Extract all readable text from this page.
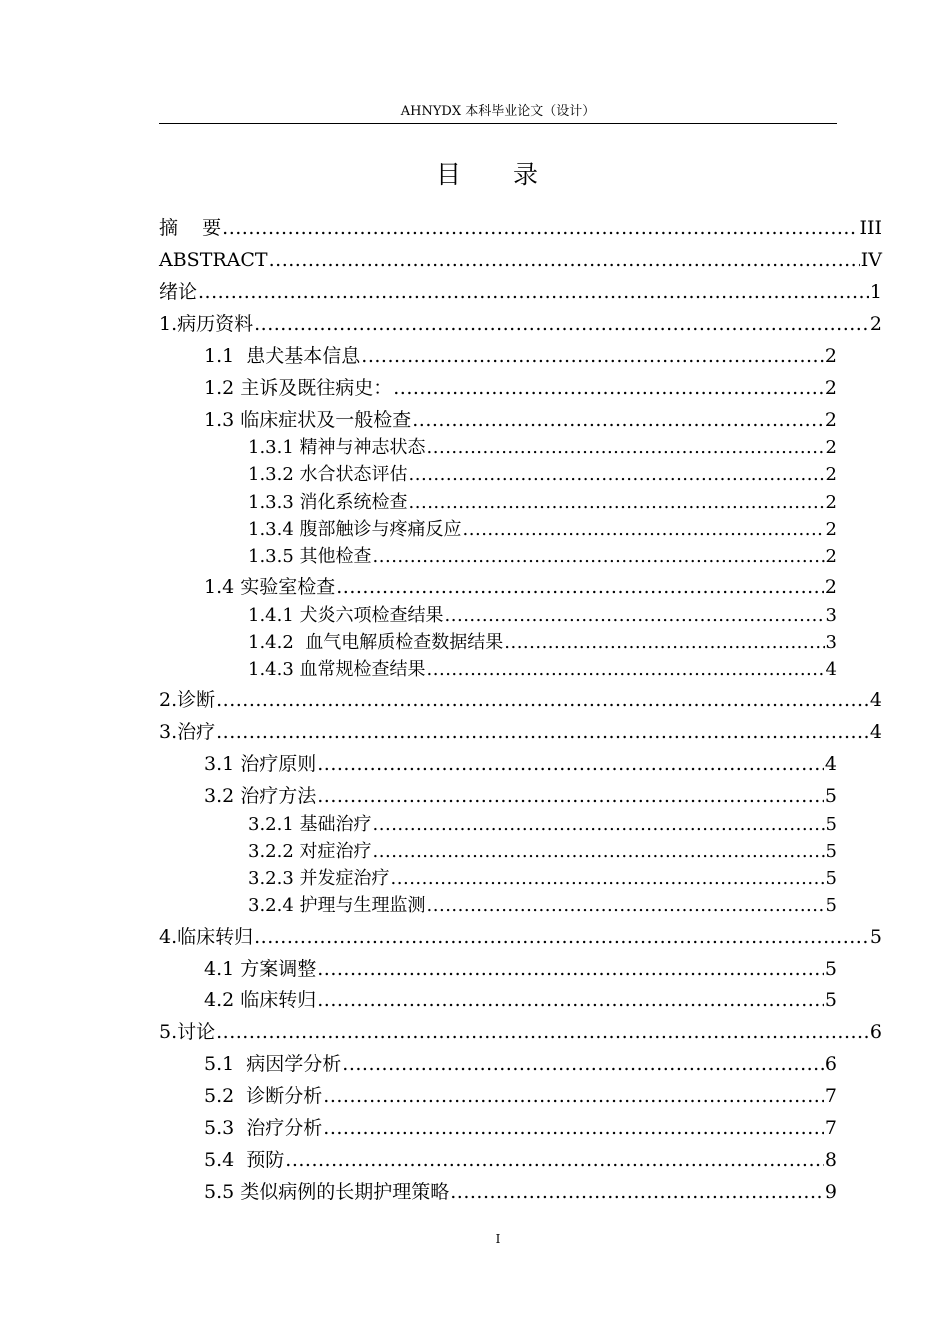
AHNYDX 本科毕业论文（设计）
目 录
摘    要 .....	III
ABSTRACT .....	IV
绪论 .....	1
1.病历资料 .....	2
1.1  患犬基本信息 .....	2
1.2 主诉及既往病史： .....	2
1.3 临床症状及一般检查 .....	2
1.3.1 精神与神志状态 .....	2
1.3.2 水合状态评估 .....	2
1.3.3 消化系统检查 .....	2
1.3.4 腹部触诊与疼痛反应 .....	2
1.3.5 其他检查 .....	2
1.4 实验室检查 .....	2
1.4.1 犬炎六项检查结果 .....	3
1.4.2  血气电解质检查数据结果 .....	3
1.4.3 血常规检查结果 .....	4
2.诊断 .....	4
3.治疗 .....	4
3.1 治疗原则 .....	4
3.2 治疗方法 .....	5
3.2.1 基础治疗 .....	5
3.2.2 对症治疗 .....	5
3.2.3 并发症治疗 .....	5
3.2.4 护理与生理监测 .....	5
4.临床转归 .....	5
4.1 方案调整 .....	5
4.2 临床转归 .....	5
5.讨论 .....	6
5.1  病因学分析 .....	6
5.2  诊断分析 .....	7
5.3  治疗分析 .....	7
5.4  预防 .....	8
5.5 类似病例的长期护理策略 .....	9
I
